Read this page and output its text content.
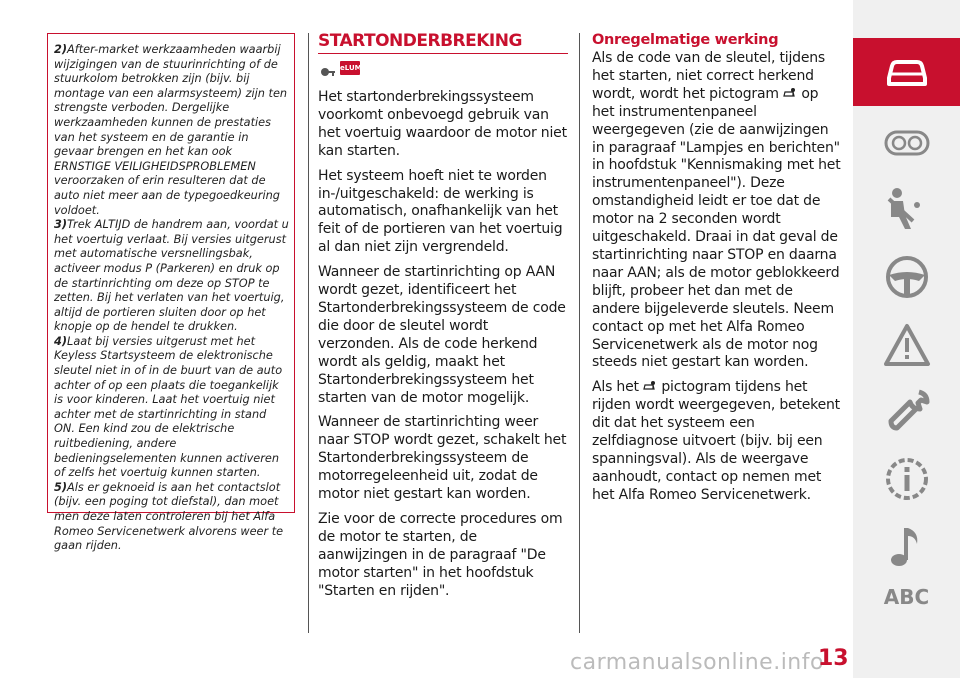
2)After-market werkzaamheden waarbij wijzigingen van de stuurinrichting of de stuurkolom betrokken zijn (bijv. bij montage van een alarmsysteem) zijn ten strengste verboden. Dergelijke werkzaamheden kunnen de prestaties van het systeem en de garantie in gevaar brengen en het kan ook ERNSTIGE VEILIGHEIDSPROBLEMEN veroorzaken of erin resulteren dat de auto niet meer aan de typegoedkeuring voldoet.

3)Trek ALTIJD de handrem aan, voordat u het voertuig verlaat. Bij versies uitgerust met automatische versnellingsbak, activeer modus P (Parkeren) en druk op de startinrichting om deze op STOP te zetten. Bij het verlaten van het voertuig, altijd de portieren sluiten door op het knopje op de hendel te drukken.

4)Laat bij versies uitgerust met het Keyless Startsysteem de elektronische sleutel niet in of in de buurt van de auto achter of op een plaats die toegankelijk is voor kinderen. Laat het voertuig niet achter met de startinrichting in stand ON. Een kind zou de elektrische ruitbediening, andere bedieningselementen kunnen activeren of zelfs het voertuig kunnen starten.

5)Als er geknoeid is aan het contactslot (bijv. een poging tot diefstal), dan moet men deze laten controleren bij het Alfa Romeo Servicenetwerk alvorens weer te gaan rijden.

STARTONDERBREKING
eLUM

Het startonderbrekingssysteem voorkomt onbevoegd gebruik van het voertuig waardoor de motor niet kan starten.

Het systeem hoeft niet te worden in-/uitgeschakeld: de werking is automatisch, onafhankelijk van het feit of de portieren van het voertuig al dan niet zijn vergrendeld.

Wanneer de startinrichting op AAN wordt gezet, identificeert het Startonderbrekingssysteem de code die door de sleutel wordt verzonden. Als de code herkend wordt als geldig, maakt het Startonderbrekingssysteem het starten van de motor mogelijk.

Wanneer de startinrichting weer naar STOP wordt gezet, schakelt het Startonderbrekingssysteem de motorregeleenheid uit, zodat de motor niet gestart kan worden.

Zie voor de correcte procedures om de motor te starten, de aanwijzingen in de paragraaf "De motor starten" in het hoofdstuk "Starten en rijden".

Onregelmatige werking

Als de code van de sleutel, tijdens het starten, niet correct herkend wordt, wordt het pictogram op het instrumentenpaneel weergegeven (zie de aanwijzingen in paragraaf "Lampjes en berichten" in hoofdstuk "Kennismaking met het instrumentenpaneel"). Deze omstandigheid leidt er toe dat de motor na 2 seconden wordt uitgeschakeld. Draai in dat geval de startinrichting naar STOP en daarna naar AAN; als de motor geblokkeerd blijft, probeer het dan met de andere bijgeleverde sleutels. Neem contact op met het Alfa Romeo Servicenetwerk als de motor nog steeds niet gestart kan worden.

Als het pictogram tijdens het rijden wordt weergegeven, betekent dit dat het systeem een zelfdiagnose uitvoert (bijv. bij een spanningsval). Als de weergave aanhoudt, contact op nemen met het Alfa Romeo Servicenetwerk.

ABC
carmanualsonline.info
13
